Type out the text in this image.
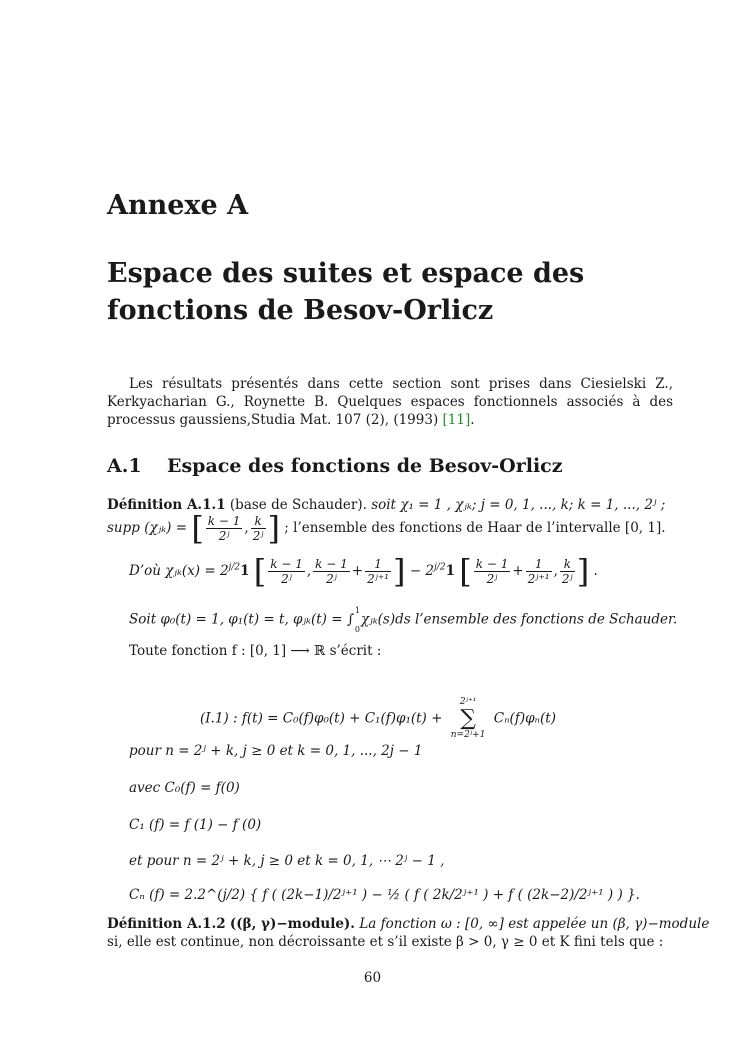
Annexe A
Espace des suites et espace des fonctions de Besov-Orlicz

Les résultats présentés dans cette section sont prises dans Ciesielski Z., Kerkyacharian G., Roynette B. Quelques espaces fonctionnels associés à des processus gaussiens,Studia Mat. 107 (2), (1993) [11].

A.1 Espace des fonctions de Besov-Orlicz

Définition A.1.1 (base de Schauder). soit χ₁ = 1 , χⱼₖ; j = 0, 1, ..., k; k = 1, ..., 2ʲ ;

supp (χⱼₖ) = [ $\frac{k - 1}{\text{2ʲ}}$ , $\frac{k}{\text{2ʲ}}$ ] ; l’ensemble des fonctions de Haar de l’intervalle [0, 1].

D’où χⱼₖ(x) = $2^{j/2}1$ [ $\frac{k - 1}{\text{2ʲ}}$ , $\frac{k - 1}{\text{2ʲ}} + \frac{1}{\text{2ʲ⁺¹}}$ ] − $2^{j/2}1$ [ $\frac{k - 1}{\text{2ʲ}} + \frac{1}{\text{2ʲ⁺¹}}$ , $\frac{k}{\text{2ʲ}}$ ] .

Soit φ₀(t) = 1, φ₁(t) = t, φⱼₖ(t) = ∫
1
0
χⱼₖ(s)ds l’ensemble des fonctions de Schauder.

Toute fonction f : [0, 1] ⟶ ℝ s’écrit :

(I.1) : f(t) = C₀(f)φ₀(t) + C₁(f)φ₁(t) +
2ʲ⁺¹
∑
n=2ʲ+1
Cₙ(f)φₙ(t)

pour n = 2ʲ + k, j ≥ 0 et k = 0, 1, ..., 2j − 1

avec C₀(f) = f(0)

C₁ (f) = f (1) − f (0)

et pour n = 2ʲ + k, j ≥ 0 et k = 0, 1, ⋯ 2ʲ − 1 ,

Cₙ (f) = 2.2^(j/2) { f ( (2k−1)/2ʲ⁺¹ ) − ½ ( f ( 2k/2ʲ⁺¹ ) + f ( (2k−2)/2ʲ⁺¹ ) ) }.

Définition A.1.2 ((β, γ)−module). La fonction ω : [0, ∞] est appelée un (β, γ)−module

si, elle est continue, non décroissante et s’il existe β > 0, γ ≥ 0 et K fini tels que :

60
